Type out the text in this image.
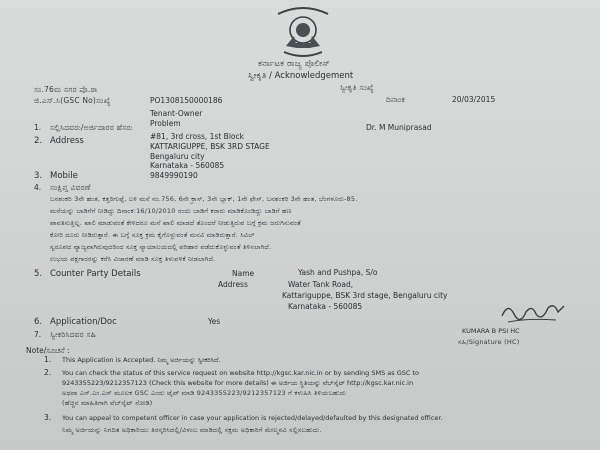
ಕರ್ನಾಟಕ ರಾಜ್ಯ ಪೊಲೀಸ್
ಸ್ವೀಕೃತಿ / Acknowledgement
ಸಂ.76ಮ ನಗರ ಪೊ.ಠಾ	ಸ್ವೀಕೃತಿ ಸಂಖ್ಯೆ
ದಿನಾಂಕ	20/03/2015
ಜಿ.ಎಸ್.ಸಿ(GSC No)ಸಂಖ್ಯೆ	PO1308150000186
Tenant-Owner
Problem
1. ಸಲ್ಲಿಸಿದವರು/ಅರ್ಜಿದಾರರ ಹೆಸರು	Dr. M Muniprasad
2. Address	#81, 3rd cross, 1st Block
KATTARIGUPPE, BSK 3RD STAGE
Bengaluru city
Karnataka - 560085
3. Mobile	9849990190
4. ಸಂಕ್ಷಿಪ್ತ ವಿವರಣೆ
ಬನಶಂಕರಿ 3ನೇ ಹಂತ, ಕತ್ತರಿಗುಪ್ಪೆ, ಬಳಿ ಮನೆ ನಂ.756, 6ನೇ ಕ್ರಾಸ್, 3ನೇ ಬ್ಲಾಕ್, 1ನೇ ಫೇಸ್, ಬನಶಂಕರಿ 3ನೇ ಹಂತ, ಬೆಂಗಳೂರು-85.
ಮನೆಯನ್ನು ಬಾಡಿಗೆಗೆ ನೀಡಿದ್ದು ದಿನಾಂಕ:16/10/2010 ರಂದು ಬಾಡಿಗೆ ಕರಾರು ಮಾಡಿಕೊಂಡಿದ್ದು ಬಾಡಿಗೆ ಹಣ
ಪಾವತಿಸುತ್ತಿಲ್ಲ. ಖಾಲಿ ಮಾಡುವಂತೆ ಕೇಳಿದರೂ ಮನೆ ಖಾಲಿ ಮಾಡದೆ ತೊಂದರೆ ನೀಡುತ್ತಿರುವ ಬಗ್ಗೆ ಕ್ರಮ ಜರುಗಿಸುವಂತೆ
ಕೋರಿ ದೂರು ನೀಡಿರುತ್ತಾರೆ. ಈ ಬಗ್ಗೆ ಸೂಕ್ತ ಕ್ರಮ ಕೈಗೊಳ್ಳುವಂತೆ ಮನವಿ ಮಾಡಿರುತ್ತಾರೆ. ಸಿವಿಲ್
ಸ್ವರೂಪದ ವ್ಯಾಜ್ಯವಾಗಿರುವುದರಿಂದ ಸೂಕ್ತ ನ್ಯಾಯಾಲಯದಲ್ಲಿ ಪರಿಹಾರ ಪಡೆದುಕೊಳ್ಳುವಂತೆ ತಿಳಿಸಲಾಗಿದೆ.
ಉಭಯ ಪಕ್ಷಗಾರರನ್ನು ಕರೆಸಿ ವಿಚಾರಣೆ ಮಾಡಿ ಸೂಕ್ತ ತಿಳುವಳಿಕೆ ನೀಡಲಾಗಿದೆ.
5. Counter Party Details	Name	Yash and Pushpa, S/o
Address	Water Tank Road,
Kattariguppe, BSK 3rd stage, Bengaluru city
Karnataka - 560085
6. Application/Doc	Yes
7. ಸ್ವೀಕರಿಸಿದವರ ಸಹಿ	KUMARA B PSI HC
ಸಹಿ/Signature (HC)
Note/ಸೂಚನೆ :
1. This Application is Accepted. ನಿಮ್ಮ ಅರ್ಜಿಯನ್ನು ಸ್ವೀಕರಿಸಿದೆ.
2. You can check the status of this service request on website http://kgsc.kar.nic.in or by sending SMS as GSC to
9243355223/9212357123 (Check this website for more details) ಈ ಅರ್ಜಿಯ ಸ್ಥಿತಿಯನ್ನು ವೆಬ್‌ಸೈಟ್ http://kgsc.kar.nic.in
ಅಥವಾ ಎಸ್.ಎಂ.ಎಸ್ ಮೂಲಕ GSC ಎಂದು ಟೈಪ್ ಮಾಡಿ 9243355223/9212357123 ಗೆ ಕಳುಹಿಸಿ ತಿಳಿಯಬಹುದು
(ಹೆಚ್ಚಿನ ಮಾಹಿತಿಗಾಗಿ ವೆಬ್‌ಸೈಟ್ ನೋಡಿ)
3. You can appeal to competent officer in case your application is rejected/delayed/defaulted by this designated officer.
ನಿಮ್ಮ ಅರ್ಜಿಯನ್ನು ನಿಗದಿತ ಅಧಿಕಾರಿಯು ತಿರಸ್ಕರಿಸಿದಲ್ಲಿ/ವಿಳಂಬ ಮಾಡಿದಲ್ಲಿ ಸಕ್ಷಮ ಅಧಿಕಾರಿಗೆ ಮೇಲ್ಮನವಿ ಸಲ್ಲಿಸಬಹುದು.
